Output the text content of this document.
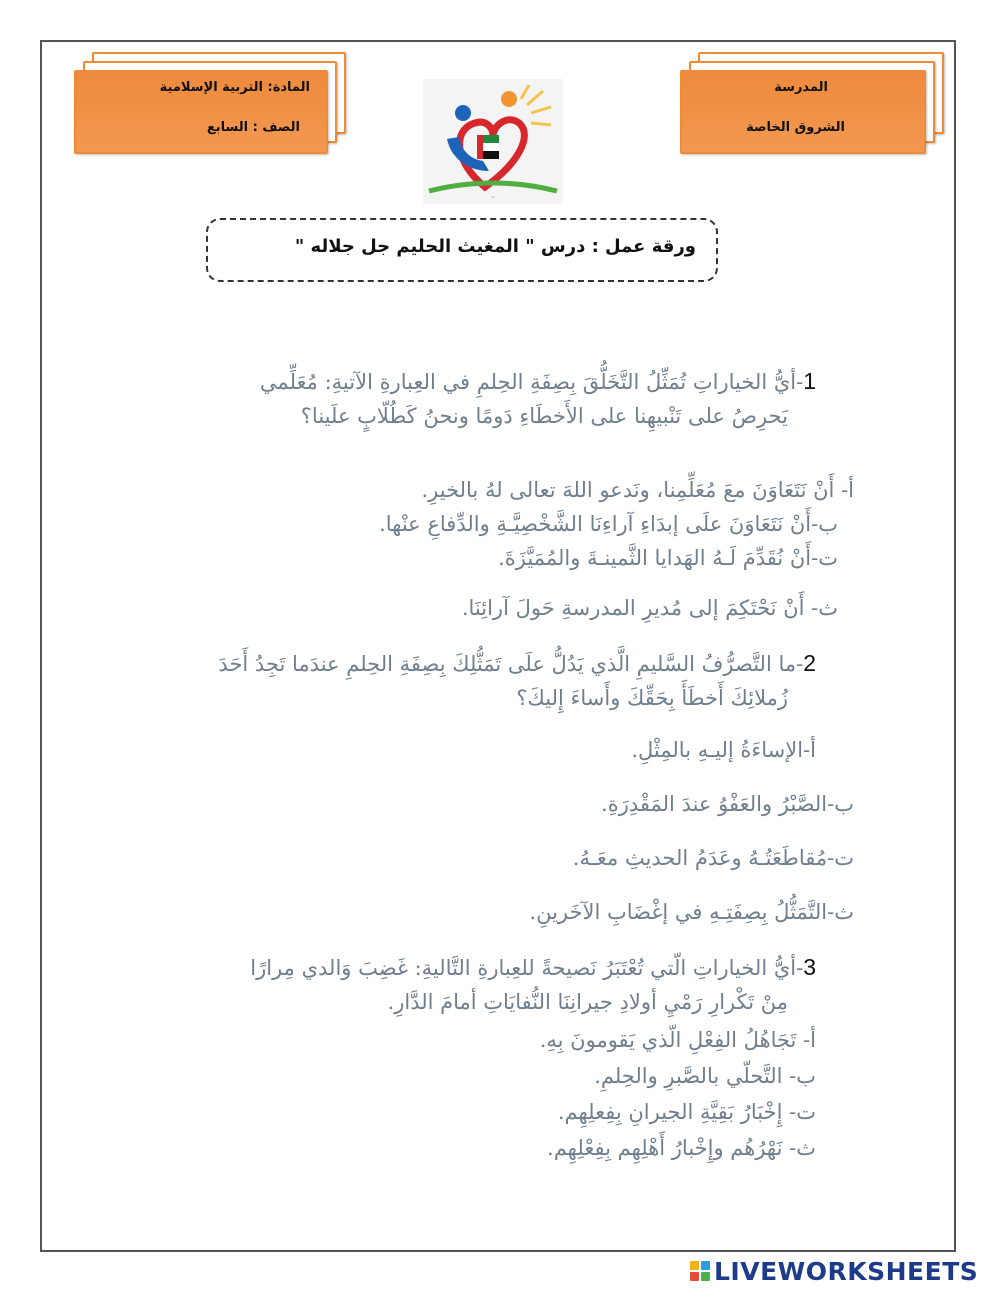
المدرسة
الشروق الخاصة
المادة: التربية الإسلامية
الصف : السابع
~
ورقة عمل : درس " المغيث الحليم جل جلاله "
1-أيُّ الخياراتِ تُمَثِّلُ التَّخَلُّقَ بِصِفَةِ الحِلمِ في العِبارةِ الآتيةِ: مُعَلِّمي
يَحرِصُ على تَنْبيهِنا على الأَخطَاءِ دَومًا ونحنُ كَطُلّابٍ علَينا؟
أ- أَنْ نَتَعَاوَنَ معَ مُعَلِّمِنا، ونَدعو اللهَ تعالى لهُ بالخيرِ.
ب-أَنْ نَتَعَاوَنَ علَى إبدَاءِ آراءِنَا الشَّخْصِيَّـةِ والدِّفاعِ عنْها.
ت-أَنْ نُقَدِّمَ لَـهُ الهَدايا الثَّمينـةَ والمُمَيَّزَةَ.
ث- أَنْ نَحْتَكِمَ إلى مُديرِ المدرسةِ حَولَ آرائِنَا.
2-ما التَّصرُّفُ السَّليمِ الَّذي يَدُلُّ علَى تَمَثُّلِكَ بِصِفَةِ الحِلمِ عندَما تَجِدُ أَحَدَ
زُملائِكَ أَخطَأَ بِحَقِّكَ وأَساءَ إِليكَ؟
أ-الإساءَةُ إليـهِ بالمِثْلِ.
ب-الصَّبْرُ والعَفْوُ عندَ المَقْدِرَةِ.
ت-مُقاطَعَتُـهُ وعَدَمُ الحديثِ معَـهُ.
ث-التَّمَثُّلُ بِصِفَتِـهِ في إغْضَابِ الآخَرينِ.
3-أيُّ الخياراتِ الّتي تُعْتَبَرُ نَصيحةً للعِبارةِ التَّاليةِ: غَضِبَ وَالدي مِرارًا
مِنْ تَكْرارِ رَمْيِ أولادِ جيرانِنَا النُّفايَاتِ أمامَ الدَّارِ.
أ- تَجَاهُلُ الفِعْلِ الّذي يَقومونَ بِهِ.
ب- التَّحلّي بالصَّبرِ والحِلمِ.
ت- إِخْبَارُ بَقِيَّةِ الجيرانِ بِفِعلِهِم.
ث- نَهْرُهُم وإِخْبارُ أَهْلِهِم بِفِعْلِهِم.
LIVEWORKSHEETS
